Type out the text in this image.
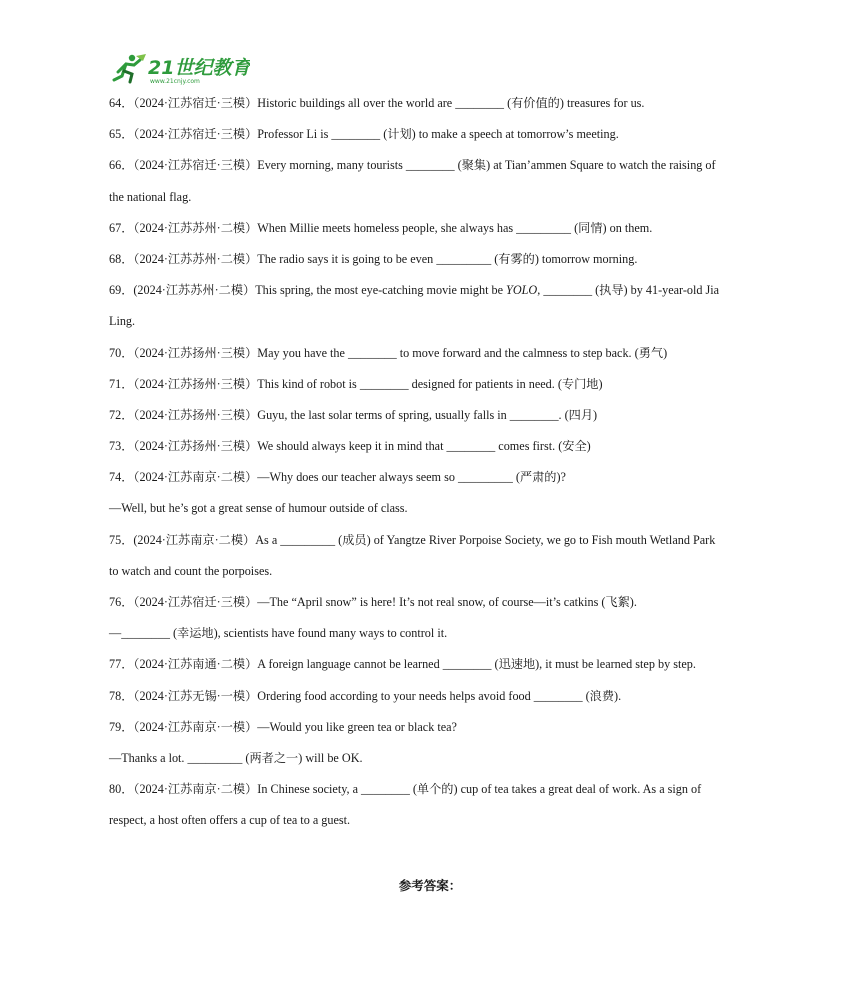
21世纪教育
www.21cnjy.com
64．（2024·江苏宿迁·三模）Historic buildings all over the world are ________ (有价值的) treasures for us.
65．（2024·江苏宿迁·三模）Professor Li is ________ (计划) to make a speech at tomorrow’s meeting.
66．（2024·江苏宿迁·三模）Every morning, many tourists ________ (聚集) at Tian’ammen Square to watch the raising of
the national flag.
67．（2024·江苏苏州·二模）When Millie meets homeless people, she always has _________ (同情) on them.
68．（2024·江苏苏州·二模）The radio says it is going to be even _________ (有雾的) tomorrow morning.
69．(2024·江苏苏州·二模）This spring, the most eye-catching movie might be YOLO, ________ (执导) by 41-year-old Jia
Ling.
70．（2024·江苏扬州·三模）May you have the ________ to move forward and the calmness to step back. (勇气)
71．（2024·江苏扬州·三模）This kind of robot is ________ designed for patients in need. (专门地)
72．（2024·江苏扬州·三模）Guyu, the last solar terms of spring, usually falls in ________. (四月)
73．（2024·江苏扬州·三模）We should always keep it in mind that ________ comes first. (安全)
74．（2024·江苏南京·二模）—Why does our teacher always seem so _________ (严肃的)?
—Well, but he’s got a great sense of humour outside of class.
75．(2024·江苏南京·二模）As a _________ (成员) of Yangtze River Porpoise Society, we go to Fish mouth Wetland Park
to watch and count the porpoises.
76．（2024·江苏宿迁·三模）—The “April snow” is here! It’s not real snow, of course—it’s catkins (飞絮).
—________ (幸运地), scientists have found many ways to control it.
77．（2024·江苏南通·二模）A foreign language cannot be learned ________ (迅速地), it must be learned step by step.
78．（2024·江苏无锡·一模）Ordering food according to your needs helps avoid food ________ (浪费).
79．（2024·江苏南京·一模）—Would you like green tea or black tea?
—Thanks a lot. _________ (两者之一) will be OK.
80．（2024·江苏南京·二模）In Chinese society, a ________ (单个的) cup of tea takes a great deal of work. As a sign of
respect, a host often offers a cup of tea to a guest.
参考答案：
